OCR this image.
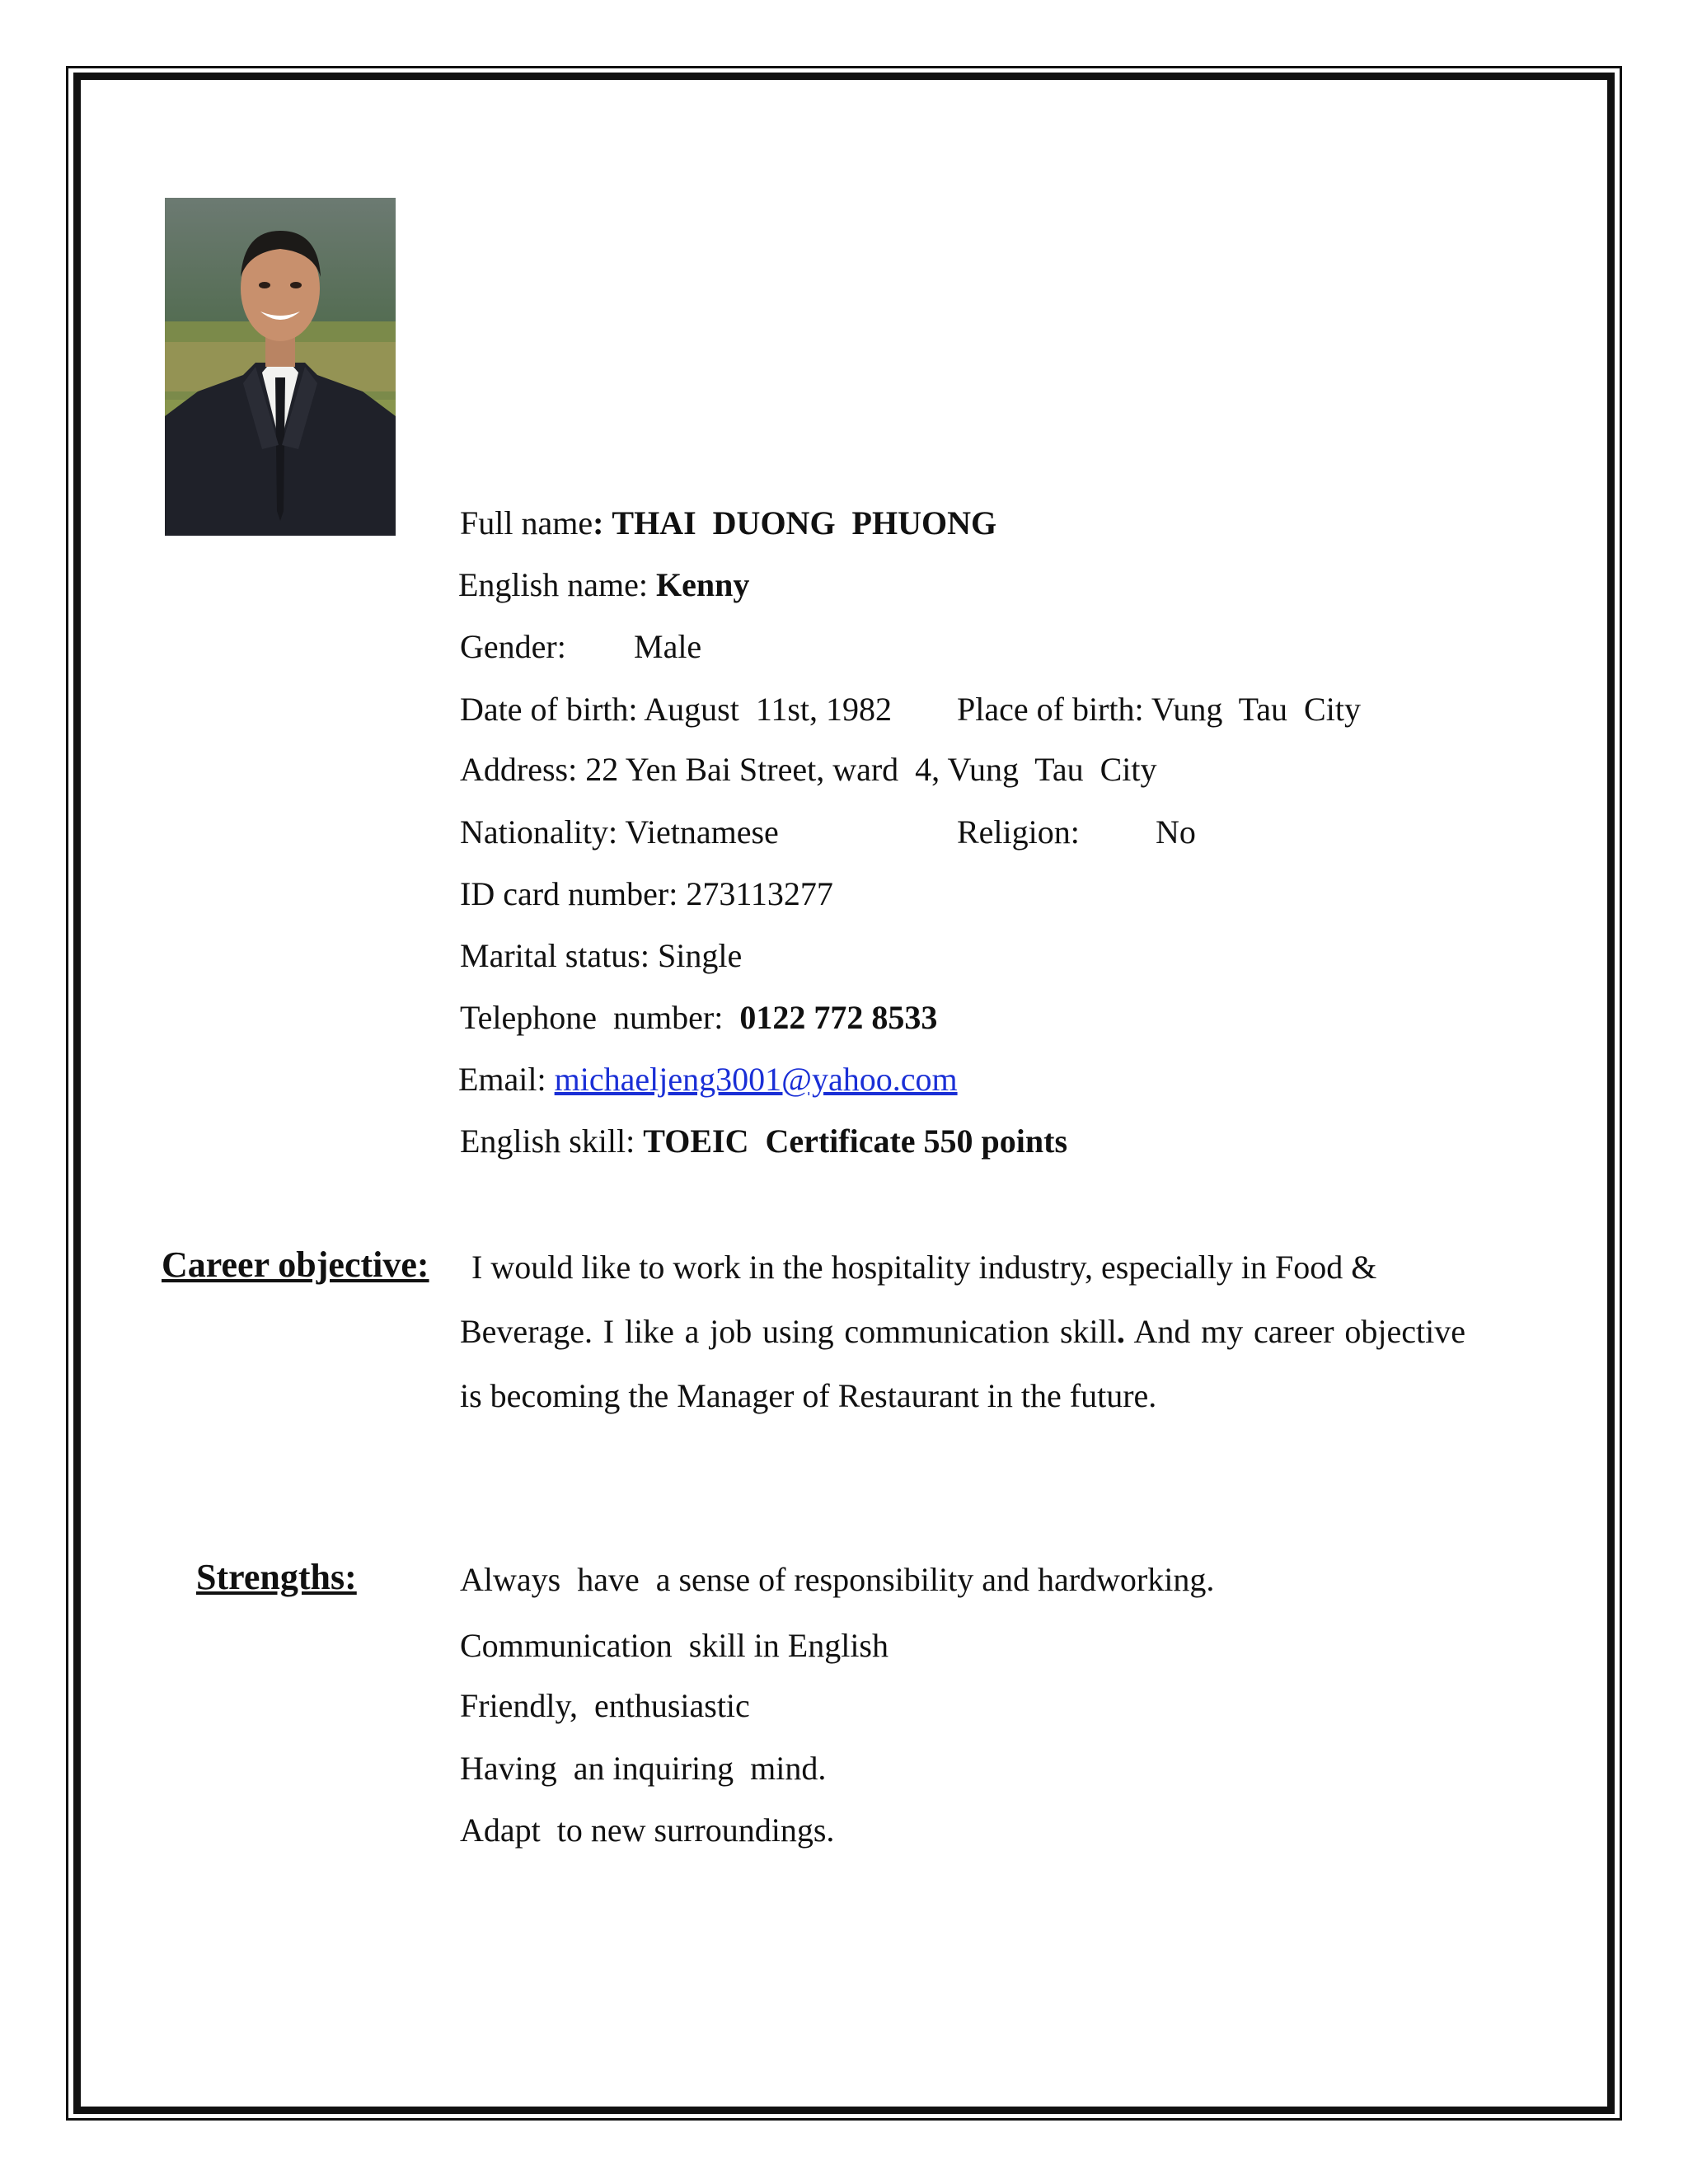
Full name: THAI  DUONG  PHUONG
English name: Kenny
Gender: Male
Date of birth: August  11st, 1982 Place of birth: Vung  Tau  City
Address: 22 Yen Bai Street, ward  4, Vung  Tau  City
Nationality: Vietnamese	Religion: No
ID card number: 273113277
Marital status: Single
Telephone  number:  0122 772 8533
Email: michaeljeng3001@yahoo.com
English skill: TOEIC  Certificate 550 points
Career objective: I would like to work in the hospitality industry, especially in Food &
Beverage. I like a job using communication skill. And my career objective is becoming the Manager of Restaurant in the future.
Strengths:	Always  have  a sense of responsibility and hardworking.
Communication  skill in English
Friendly,  enthusiastic
Having  an inquiring  mind.
Adapt  to new surroundings.
